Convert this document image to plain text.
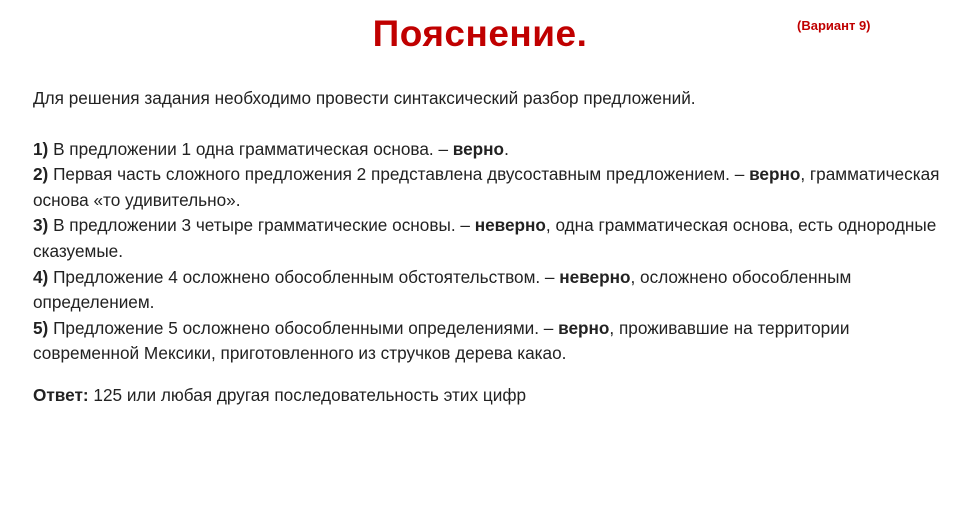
Пояснение.	(Вариант 9)

Для решения задания необходимо провести синтаксический разбор предложений.

1) В предложении 1 одна грамматическая основа. – верно.

2) Первая часть сложного предложения 2 представлена двусоставным предложением. – верно, грамматическая основа «то удивительно».

3) В предложении 3 четыре грамматические основы. – неверно, одна грамматическая основа, есть однородные сказуемые.

4) Предложение 4 осложнено обособленным обстоятельством. – неверно, осложнено обособленным определением.

5) Предложение 5 осложнено обособленными определениями. – верно, проживавшие на территории современной Мексики, приготовленного из стручков дерева какао.

Ответ: 125 или любая другая последовательность этих цифр
